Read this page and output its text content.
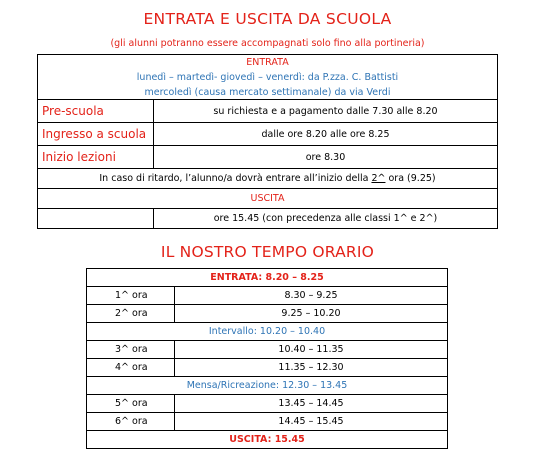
ENTRATA E USCITA DA SCUOLA
(gli alunni potranno essere accompagnati solo fino alla portineria)
ENTRATA
lunedì – martedì- giovedì – venerdì: da P.zza. C. Battisti
mercoledì (causa mercato settimanale) da via Verdi	

Pre-scuola	su richiesta e a pagamento dalle 7.30 alle 8.20
Ingresso a scuola	dalle ore 8.20 alle ore 8.25
Inizio lezioni	ore 8.30
In caso di ritardo, l’alunno/a dovrà entrare all’inizio della 2^ ora (9.25)	
USCITA	
	ore 15.45 (con precedenza alle classi 1^ e 2^)
IL NOSTRO TEMPO ORARIO
ENTRATA: 8.20 – 8.25	
1^ ora	8.30 – 9.25
2^ ora	9.25 – 10.20
Intervallo: 10.20 – 10.40	
3^ ora	10.40 – 11.35
4^ ora	11.35 – 12.30
Mensa/Ricreazione: 12.30 – 13.45	
5^ ora	13.45 – 14.45
6^ ora	14.45 – 15.45
USCITA: 15.45	
